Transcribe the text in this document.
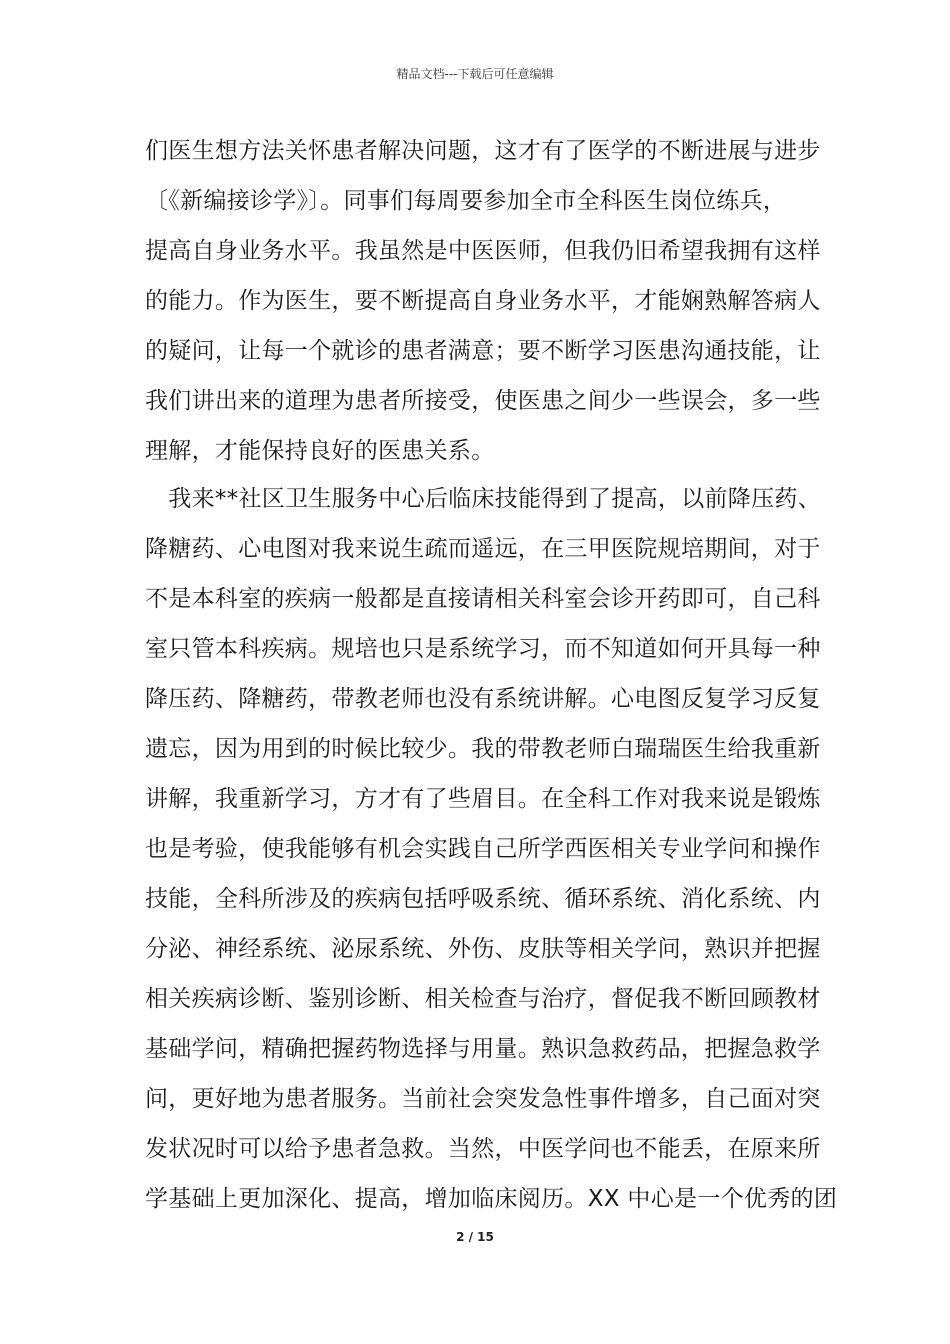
精品文档---下载后可任意编辑
们医生想方法关怀患者解决问题，这才有了医学的不断进展与进步
〔《新编接诊学》〕。同事们每周要参加全市全科医生岗位练兵，
提高自身业务水平。我虽然是中医医师，但我仍旧希望我拥有这样
的能力。作为医生，要不断提高自身业务水平，才能娴熟解答病人
的疑问，让每一个就诊的患者满意；要不断学习医患沟通技能，让
我们讲出来的道理为患者所接受，使医患之间少一些误会，多一些
理解，才能保持良好的医患关系。
　我来**社区卫生服务中心后临床技能得到了提高，以前降压药、
降糖药、心电图对我来说生疏而遥远，在三甲医院规培期间，对于
不是本科室的疾病一般都是直接请相关科室会诊开药即可，自己科
室只管本科疾病。规培也只是系统学习，而不知道如何开具每一种
降压药、降糖药，带教老师也没有系统讲解。心电图反复学习反复
遗忘，因为用到的时候比较少。我的带教老师白瑞瑞医生给我重新
讲解，我重新学习，方才有了些眉目。在全科工作对我来说是锻炼
也是考验，使我能够有机会实践自己所学西医相关专业学问和操作
技能，全科所涉及的疾病包括呼吸系统、循环系统、消化系统、内
分泌、神经系统、泌尿系统、外伤、皮肤等相关学问，熟识并把握
相关疾病诊断、鉴别诊断、相关检查与治疗，督促我不断回顾教材
基础学问，精确把握药物选择与用量。熟识急救药品，把握急救学
问，更好地为患者服务。当前社会突发急性事件增多，自己面对突
发状况时可以给予患者急救。当然，中医学问也不能丢，在原来所
学基础上更加深化、提高，增加临床阅历。XX 中心是一个优秀的团
2 / 15
